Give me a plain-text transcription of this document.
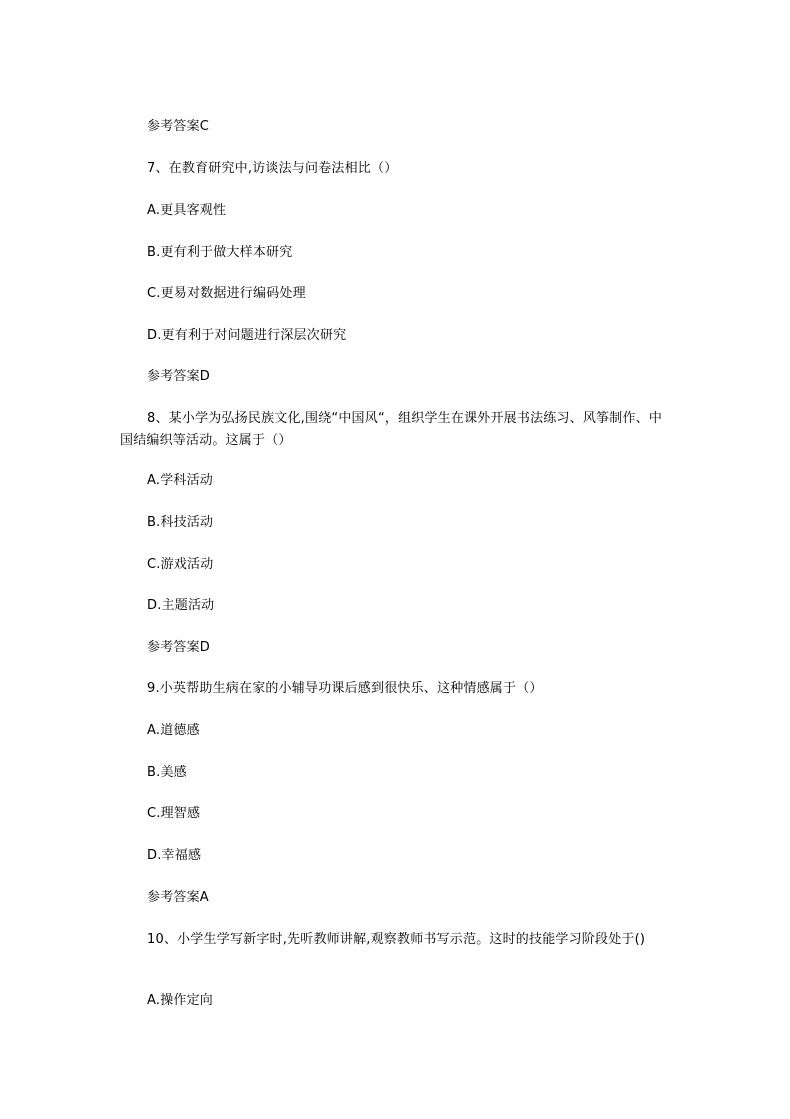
参考答案C
7、在教育研究中,访谈法与问卷法相比（）
A.更具客观性
B.更有利于做大样本研究
C.更易对数据进行编码处理
D.更有利于对问题进行深层次研究
参考答案D
8、某小学为弘扬民族文化,围绕“中国风“，组织学生在课外开展书法练习、风筝制作、中国结编织等活动。这属于（）
A.学科活动
B.科技活动
C.游戏活动
D.主题活动
参考答案D
9.小英帮助生病在家的小辅导功课后感到很快乐、这种情感属于（）
A.道德感
B.美感
C.理智感
D.幸福感
参考答案A
10、小学生学写新字时,先听教师讲解,观察教师书写示范。这时的技能学习阶段处于()
A.操作定向
